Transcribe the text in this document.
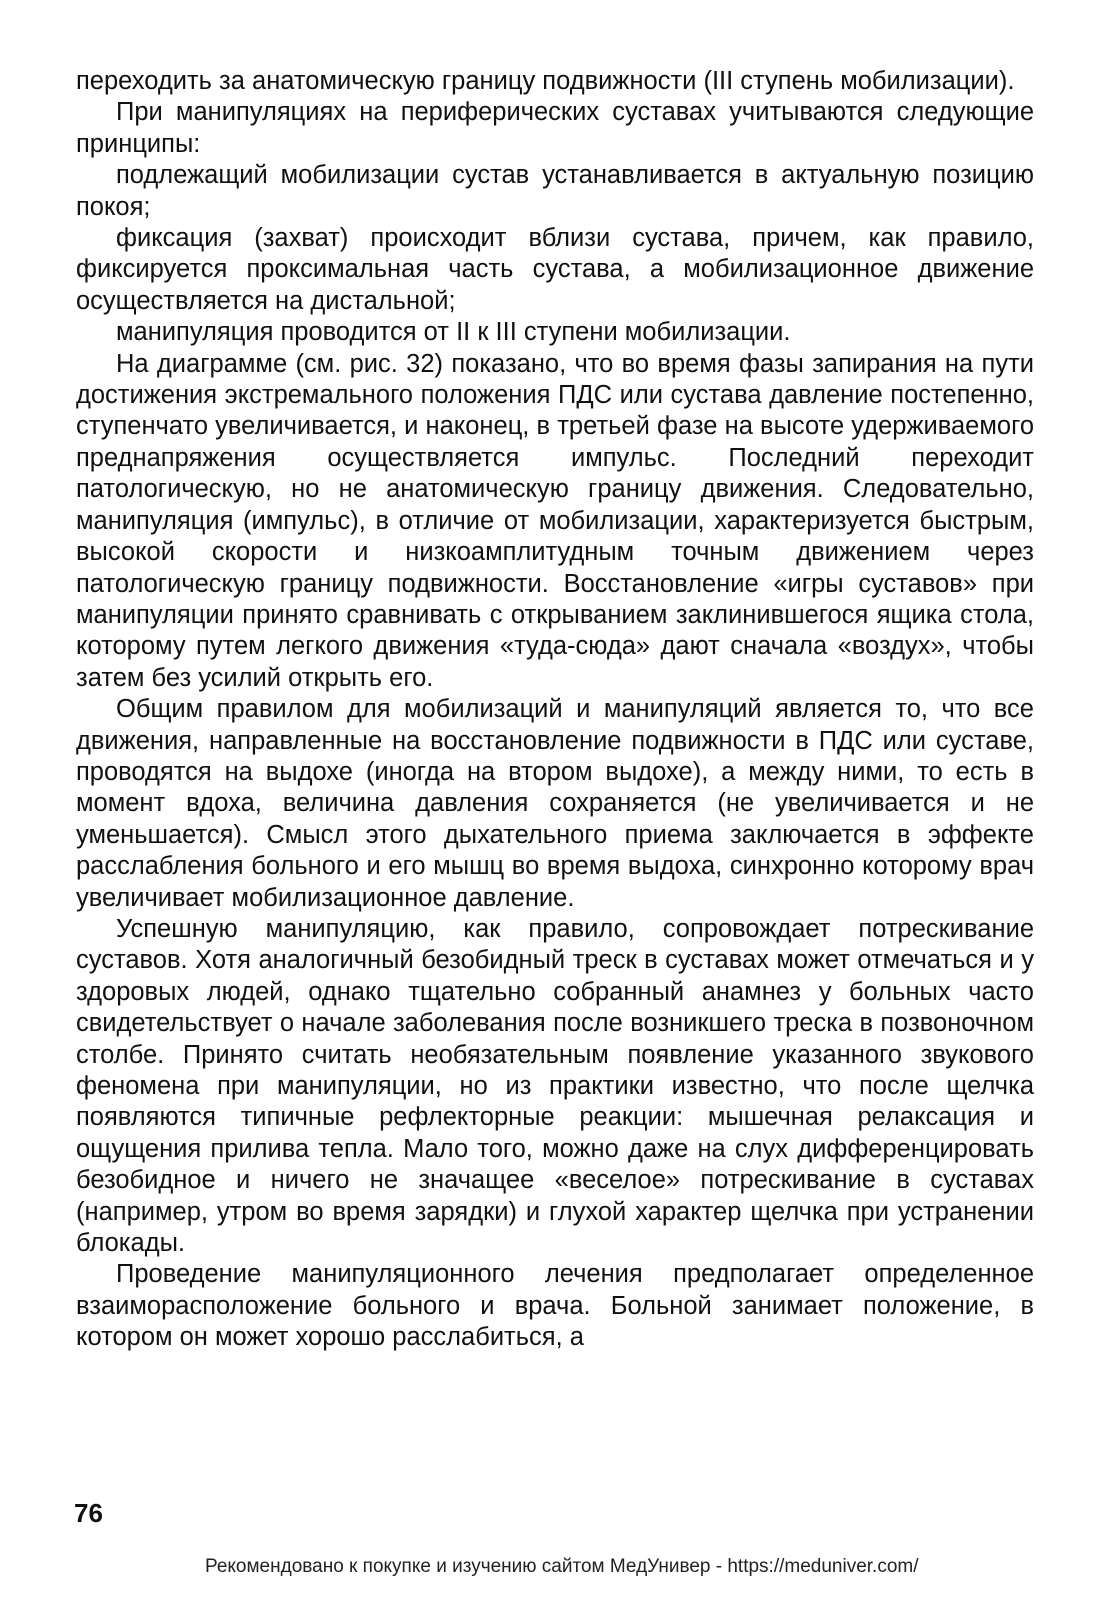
переходить за анатомическую границу подвижности (III ступень мобилизации).

При манипуляциях на периферических суставах учитываются следующие принципы:

подлежащий мобилизации сустав устанавливается в актуальную позицию покоя;

фиксация (захват) происходит вблизи сустава, причем, как правило, фиксируется проксимальная часть сустава, а мобилизационное движение осуществляется на дистальной;

манипуляция проводится от II к III ступени мобилизации.

На диаграмме (см. рис. 32) показано, что во время фазы запирания на пути достижения экстремального положения ПДС или сустава давление постепенно, ступенчато увеличивается, и наконец, в третьей фазе на высоте удерживаемого преднапряжения осуществляется импульс. Последний переходит патологическую, но не анатомическую границу движения. Следовательно, манипуляция (импульс), в отличие от мобилизации, характеризуется быстрым, высокой скорости и низкоамплитудным точным движением через патологическую границу подвижности. Восстановление «игры суставов» при манипуляции принято сравнивать с открыванием заклинившегося ящика стола, которому путем легкого движения «туда-сюда» дают сначала «воздух», чтобы затем без усилий открыть его.

Общим правилом для мобилизаций и манипуляций является то, что все движения, направленные на восстановление подвижности в ПДС или суставе, проводятся на выдохе (иногда на втором выдохе), а между ними, то есть в момент вдоха, величина давления сохраняется (не увеличивается и не уменьшается). Смысл этого дыхательного приема заключается в эффекте расслабления больного и его мышц во время выдоха, синхронно которому врач увеличивает мобилизационное давление.

Успешную манипуляцию, как правило, сопровождает потрескивание суставов. Хотя аналогичный безобидный треск в суставах может отмечаться и у здоровых людей, однако тщательно собранный анамнез у больных часто свидетельствует о начале заболевания после возникшего треска в позвоночном столбе. Принято считать необязательным появление указанного звукового феномена при манипуляции, но из практики известно, что после щелчка появляются типичные рефлекторные реакции: мышечная релаксация и ощущения прилива тепла. Мало того, можно даже на слух дифференцировать безобидное и ничего не значащее «веселое» потрескивание в суставах (например, утром во время зарядки) и глухой характер щелчка при устранении блокады.

Проведение манипуляционного лечения предполагает определенное взаиморасположение больного и врача. Больной занимает положение, в котором он может хорошо расслабиться, а

76
Рекомендовано к покупке и изучению сайтом МедУнивер - https://meduniver.com/
